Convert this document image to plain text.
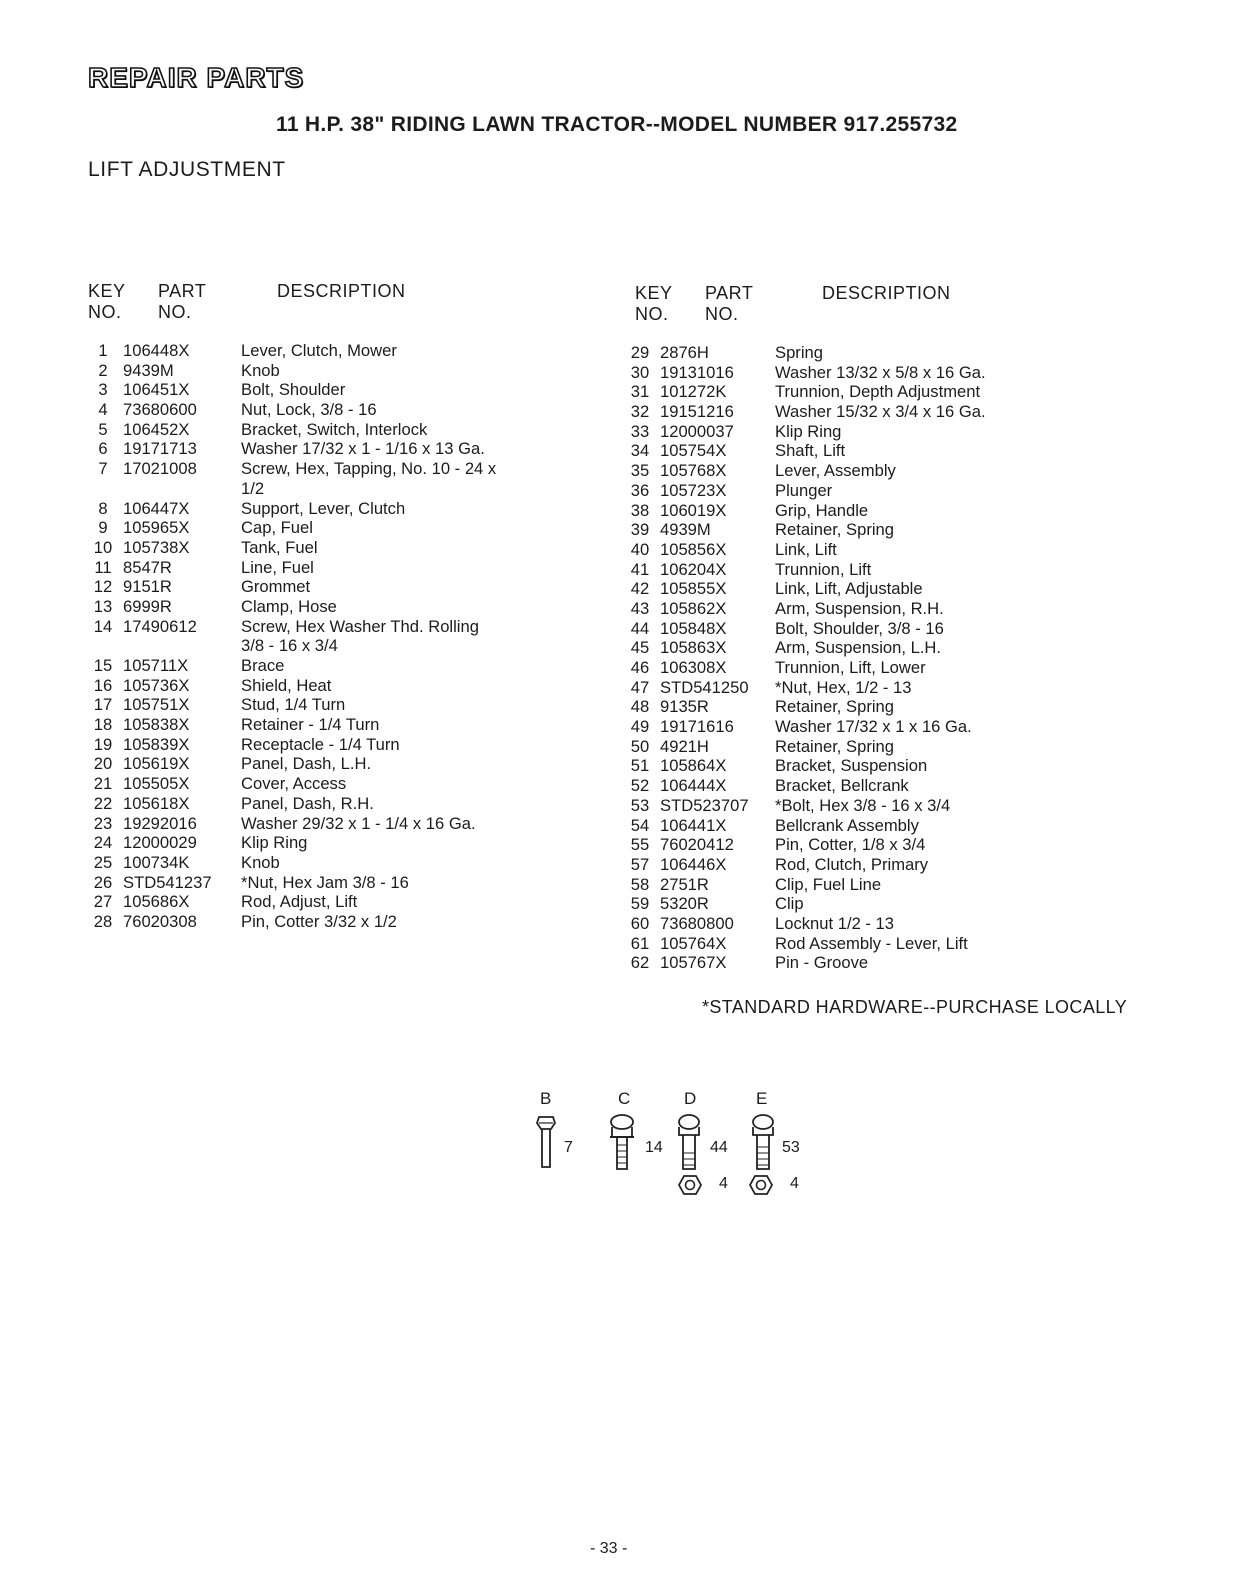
REPAIR PARTS
11 H.P. 38" RIDING LAWN TRACTOR--MODEL NUMBER 917.255732
LIFT ADJUSTMENT
KEY
NO.
PART
NO.
DESCRIPTION	KEY
NO.
PART
NO.
DESCRIPTION
1 106448X	Lever, Clutch, Mower
2 9439M	Knob
3 106451X	Bolt, Shoulder
4 73680600	Nut, Lock, 3/8 - 16
5 106452X	Bracket, Switch, Interlock
6 19171713	Washer 17/32 x 1 - 1/16 x 13 Ga.
7 17021008	Screw, Hex, Tapping, No. 10 - 24 x
1/2
8 106447X	Support, Lever, Clutch
9 105965X	Cap, Fuel
10 105738X	Tank, Fuel
11 8547R	Line, Fuel
12 9151R	Grommet
13 6999R	Clamp, Hose
14 17490612	Screw, Hex Washer Thd. Rolling
3/8 - 16 x 3/4
15 105711X	Brace
16 105736X	Shield, Heat
17 105751X	Stud, 1/4 Turn
18 105838X	Retainer - 1/4 Turn
19 105839X	Receptacle - 1/4 Turn
20 105619X	Panel, Dash, L.H.
21 105505X	Cover, Access
22 105618X	Panel, Dash, R.H.
23 19292016	Washer 29/32 x 1 - 1/4 x 16 Ga.
24 12000029	Klip Ring
25 100734K	Knob
26 STD541237	*Nut, Hex Jam 3/8 - 16
27 105686X	Rod, Adjust, Lift
28 76020308	Pin, Cotter 3/32 x 1/2
29 2876H	Spring
30 19131016	Washer 13/32 x 5/8 x 16 Ga.
31 101272K	Trunnion, Depth Adjustment
32 19151216	Washer 15/32 x 3/4 x 16 Ga.
33 12000037	Klip Ring
34 105754X	Shaft, Lift
35 105768X	Lever, Assembly
36 105723X	Plunger
38 106019X	Grip, Handle
39 4939M	Retainer, Spring
40 105856X	Link, Lift
41 106204X	Trunnion, Lift
42 105855X	Link, Lift, Adjustable
43 105862X	Arm, Suspension, R.H.
44 105848X	Bolt, Shoulder, 3/8 - 16
45 105863X	Arm, Suspension, L.H.
46 106308X	Trunnion, Lift, Lower
47 STD541250	*Nut, Hex, 1/2 - 13
48 9135R	Retainer, Spring
49 19171616	Washer 17/32 x 1 x 16 Ga.
50 4921H	Retainer, Spring
51 105864X	Bracket, Suspension
52 106444X	Bracket, Bellcrank
53 STD523707	*Bolt, Hex 3/8 - 16 x 3/4
54 106441X	Bellcrank Assembly
55 76020412	Pin, Cotter, 1/8 x 3/4
57 106446X	Rod, Clutch, Primary
58 2751R	Clip, Fuel Line
59 5320R	Clip
60 73680800	Locknut 1/2 - 13
61 105764X	Rod Assembly - Lever, Lift
62 105767X	Pin - Groove
*STANDARD HARDWARE--PURCHASE LOCALLY
B	C	D	E
7	14	44	53
4	4
- 33 -
